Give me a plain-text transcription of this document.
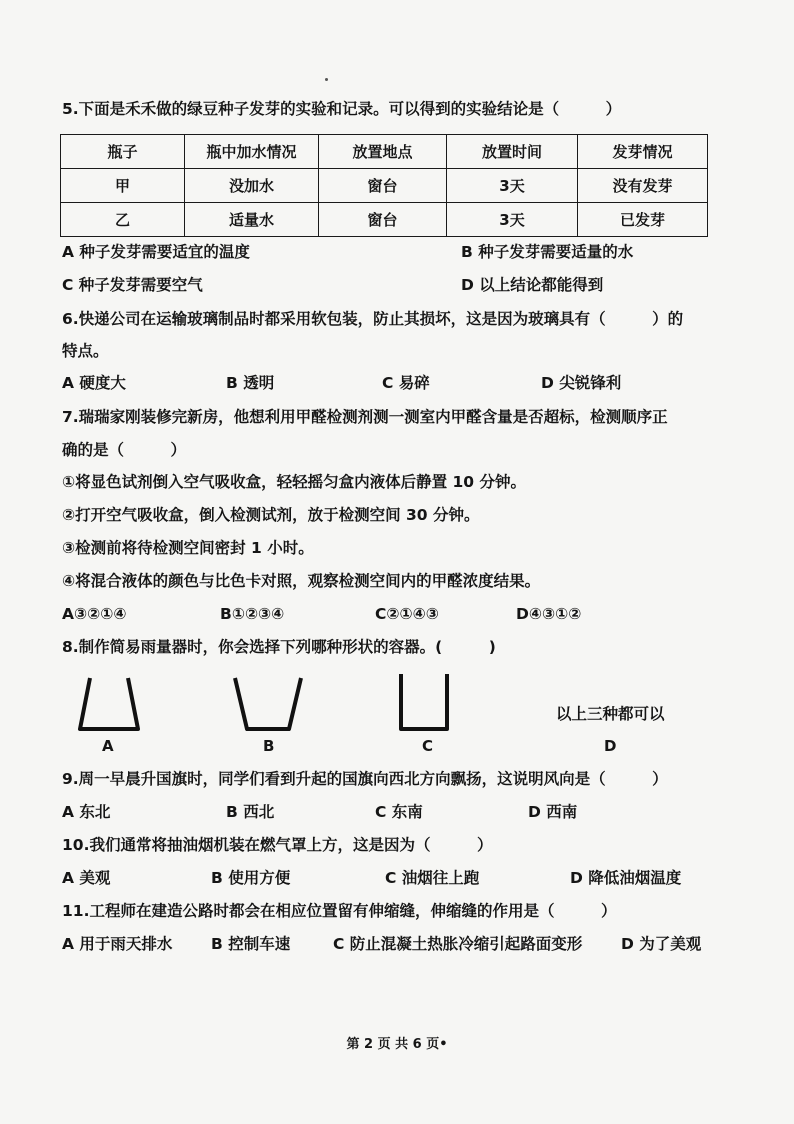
5.下面是禾禾做的绿豆种子发芽的实验和记录。可以得到的实验结论是（　　　）
瓶子	瓶中加水情况	放置地点	放置时间	发芽情况
甲	没加水	窗台	3天	没有发芽
乙	适量水	窗台	3天	已发芽
A 种子发芽需要适宜的温度	B 种子发芽需要适量的水
C 种子发芽需要空气	D 以上结论都能得到
6.快递公司在运输玻璃制品时都采用软包装，防止其损坏，这是因为玻璃具有（　　　）的
特点。
A 硬度大	B 透明	C 易碎	D 尖锐锋利
7.瑞瑞家刚装修完新房，他想利用甲醛检测剂测一测室内甲醛含量是否超标，检测顺序正
确的是（　　　）
①将显色试剂倒入空气吸收盒，轻轻摇匀盒内液体后静置 10 分钟。
②打开空气吸收盒，倒入检测试剂，放于检测空间 30 分钟。
③检测前将待检测空间密封 1 小时。
④将混合液体的颜色与比色卡对照，观察检测空间内的甲醛浓度结果。
A③②①④	B①②③④	C②①④③	D④③①②
8.制作简易雨量器时，你会选择下列哪种形状的容器。(　　　)
以上三种都可以
A	B	C	D
9.周一早晨升国旗时，同学们看到升起的国旗向西北方向飘扬，这说明风向是（　　　）
A 东北	B 西北	C 东南	D 西南
10.我们通常将抽油烟机装在燃气罩上方，这是因为（　　　）
A 美观	B 使用方便	C 油烟往上跑	D 降低油烟温度
11.工程师在建造公路时都会在相应位置留有伸缩缝，伸缩缝的作用是（　　　）
A 用于雨天排水 B 控制车速	C 防止混凝土热胀冷缩引起路面变形 D 为了美观
第 2 页 共 6 页•
